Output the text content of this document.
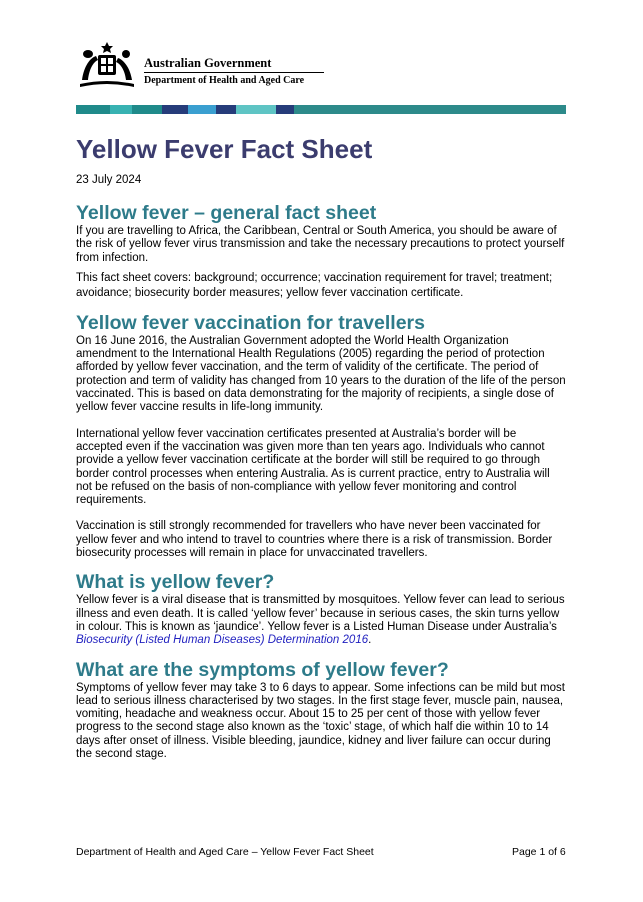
Australian Government
Department of Health and Aged Care
Yellow Fever Fact Sheet
23 July 2024
Yellow fever – general fact sheet

If you are travelling to Africa, the Caribbean, Central or South America, you should be aware of the risk of yellow fever virus transmission and take the necessary precautions to protect yourself from infection.

This fact sheet covers: background; occurrence; vaccination requirement for travel; treatment; avoidance; biosecurity border measures; yellow fever vaccination certificate.

Yellow fever vaccination for travellers

On 16 June 2016, the Australian Government adopted the World Health Organization amendment to the International Health Regulations (2005) regarding the period of protection afforded by yellow fever vaccination, and the term of validity of the certificate. The period of protection and term of validity has changed from 10 years to the duration of the life of the person vaccinated. This is based on data demonstrating for the majority of recipients, a single dose of yellow fever vaccine results in life-long immunity.

International yellow fever vaccination certificates presented at Australia’s border will be accepted even if the vaccination was given more than ten years ago. Individuals who cannot provide a yellow fever vaccination certificate at the border will still be required to go through border control processes when entering Australia. As is current practice, entry to Australia will not be refused on the basis of non-compliance with yellow fever monitoring and control requirements.

Vaccination is still strongly recommended for travellers who have never been vaccinated for yellow fever and who intend to travel to countries where there is a risk of transmission. Border biosecurity processes will remain in place for unvaccinated travellers.

What is yellow fever?

Yellow fever is a viral disease that is transmitted by mosquitoes. Yellow fever can lead to serious illness and even death. It is called ‘yellow fever’ because in serious cases, the skin turns yellow in colour. This is known as ‘jaundice’. Yellow fever is a Listed Human Disease under Australia’s Biosecurity (Listed Human Diseases) Determination 2016.

What are the symptoms of yellow fever?

Symptoms of yellow fever may take 3 to 6 days to appear. Some infections can be mild but most lead to serious illness characterised by two stages. In the first stage fever, muscle pain, nausea, vomiting, headache and weakness occur. About 15 to 25 per cent of those with yellow fever progress to the second stage also known as the ‘toxic’ stage, of which half die within 10 to 14 days after onset of illness. Visible bleeding, jaundice, kidney and liver failure can occur during the second stage.

Department of Health and Aged Care – Yellow Fever Fact Sheet	Page 1 of 6
